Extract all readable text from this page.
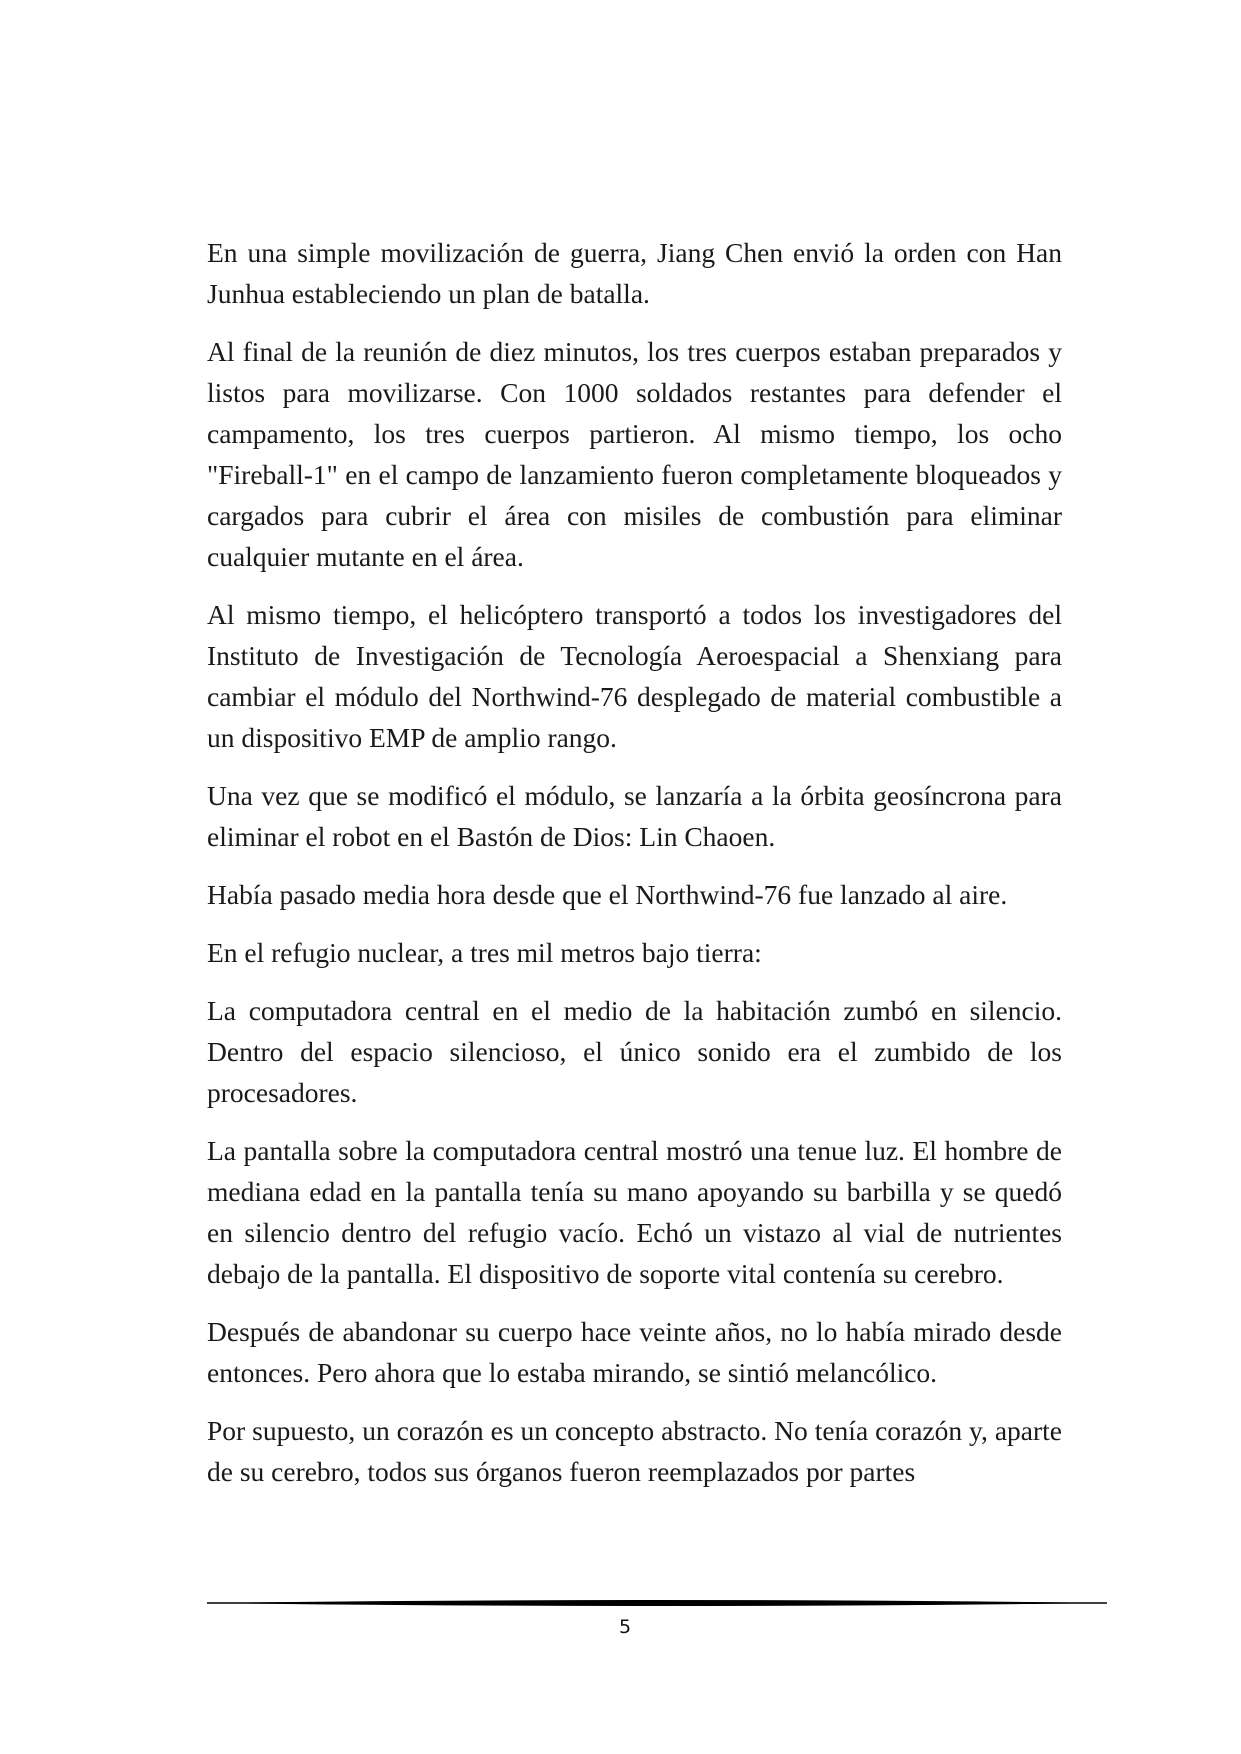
En una simple movilización de guerra, Jiang Chen envió la orden con Han Junhua estableciendo un plan de batalla.

Al final de la reunión de diez minutos, los tres cuerpos estaban preparados y listos para movilizarse. Con 1000 soldados restantes para defender el campamento, los tres cuerpos partieron. Al mismo tiempo, los ocho "Fireball-1" en el campo de lanzamiento fueron completamente bloqueados y cargados para cubrir el área con misiles de combustión para eliminar cualquier mutante en el área.

Al mismo tiempo, el helicóptero transportó a todos los investigadores del Instituto de Investigación de Tecnología Aeroespacial a Shenxiang para cambiar el módulo del Northwind-76 desplegado de material combustible a un dispositivo EMP de amplio rango.

Una vez que se modificó el módulo, se lanzaría a la órbita geosíncrona para eliminar el robot en el Bastón de Dios: Lin Chaoen.

Había pasado media hora desde que el Northwind-76 fue lanzado al aire.

En el refugio nuclear, a tres mil metros bajo tierra:

La computadora central en el medio de la habitación zumbó en silencio. Dentro del espacio silencioso, el único sonido era el zumbido de los procesadores.

La pantalla sobre la computadora central mostró una tenue luz. El hombre de mediana edad en la pantalla tenía su mano apoyando su barbilla y se quedó en silencio dentro del refugio vacío. Echó un vistazo al vial de nutrientes debajo de la pantalla. El dispositivo de soporte vital contenía su cerebro.

Después de abandonar su cuerpo hace veinte años, no lo había mirado desde entonces. Pero ahora que lo estaba mirando, se sintió melancólico.

Por supuesto, un corazón es un concepto abstracto. No tenía corazón y, aparte de su cerebro, todos sus órganos fueron reemplazados por partes

5
